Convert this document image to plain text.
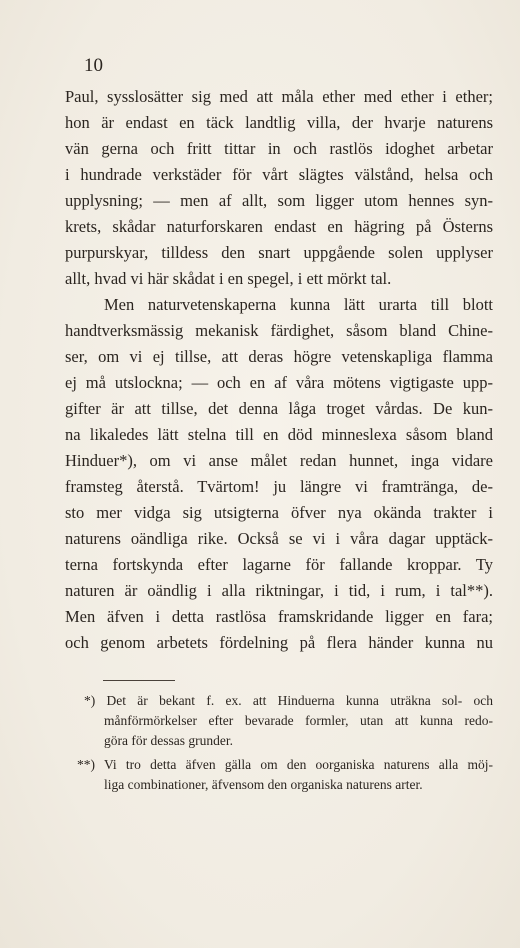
10
Paul, sysslosätter sig med att måla ether med ether i ether;
hon är endast en täck landtlig villa, der hvarje naturens
vän gerna och fritt tittar in och rastlös idoghet arbetar
i hundrade verkstäder för vårt slägtes välstånd, helsa och
upplysning; — men af allt, som ligger utom hennes syn-
krets, skådar naturforskaren endast en hägring på Österns
purpurskyar, tilldess den snart uppgående solen upplyser
allt, hvad vi här skådat i en spegel, i ett mörkt tal.
Men naturvetenskaperna kunna lätt urarta till blott
handtverksmässig mekanisk färdighet, såsom bland Chine-
ser, om vi ej tillse, att deras högre vetenskapliga flamma
ej må utslockna; — och en af våra mötens vigtigaste upp-
gifter är att tillse, det denna låga troget vårdas. De kun-
na likaledes lätt stelna till en död minneslexa såsom bland
Hinduer*), om vi anse målet redan hunnet, inga vidare
framsteg återstå. Tvärtom! ju längre vi framtränga, de-
sto mer vidga sig utsigterna öfver nya okända trakter i
naturens oändliga rike. Också se vi i våra dagar upptäck-
terna fortskynda efter lagarne för fallande kroppar. Ty
naturen är oändlig i alla riktningar, i tid, i rum, i tal**).
Men äfven i detta rastlösa framskridande ligger en fara;
och genom arbetets fördelning på flera händer kunna nu
*) Det är bekant f. ex. att Hinduerna kunna uträkna sol- och
månförmörkelser efter bevarade formler, utan att kunna redo-
göra för dessas grunder.
**) Vi tro detta äfven gälla om den oorganiska naturens alla möj-
liga combinationer, äfvensom den organiska naturens arter.
